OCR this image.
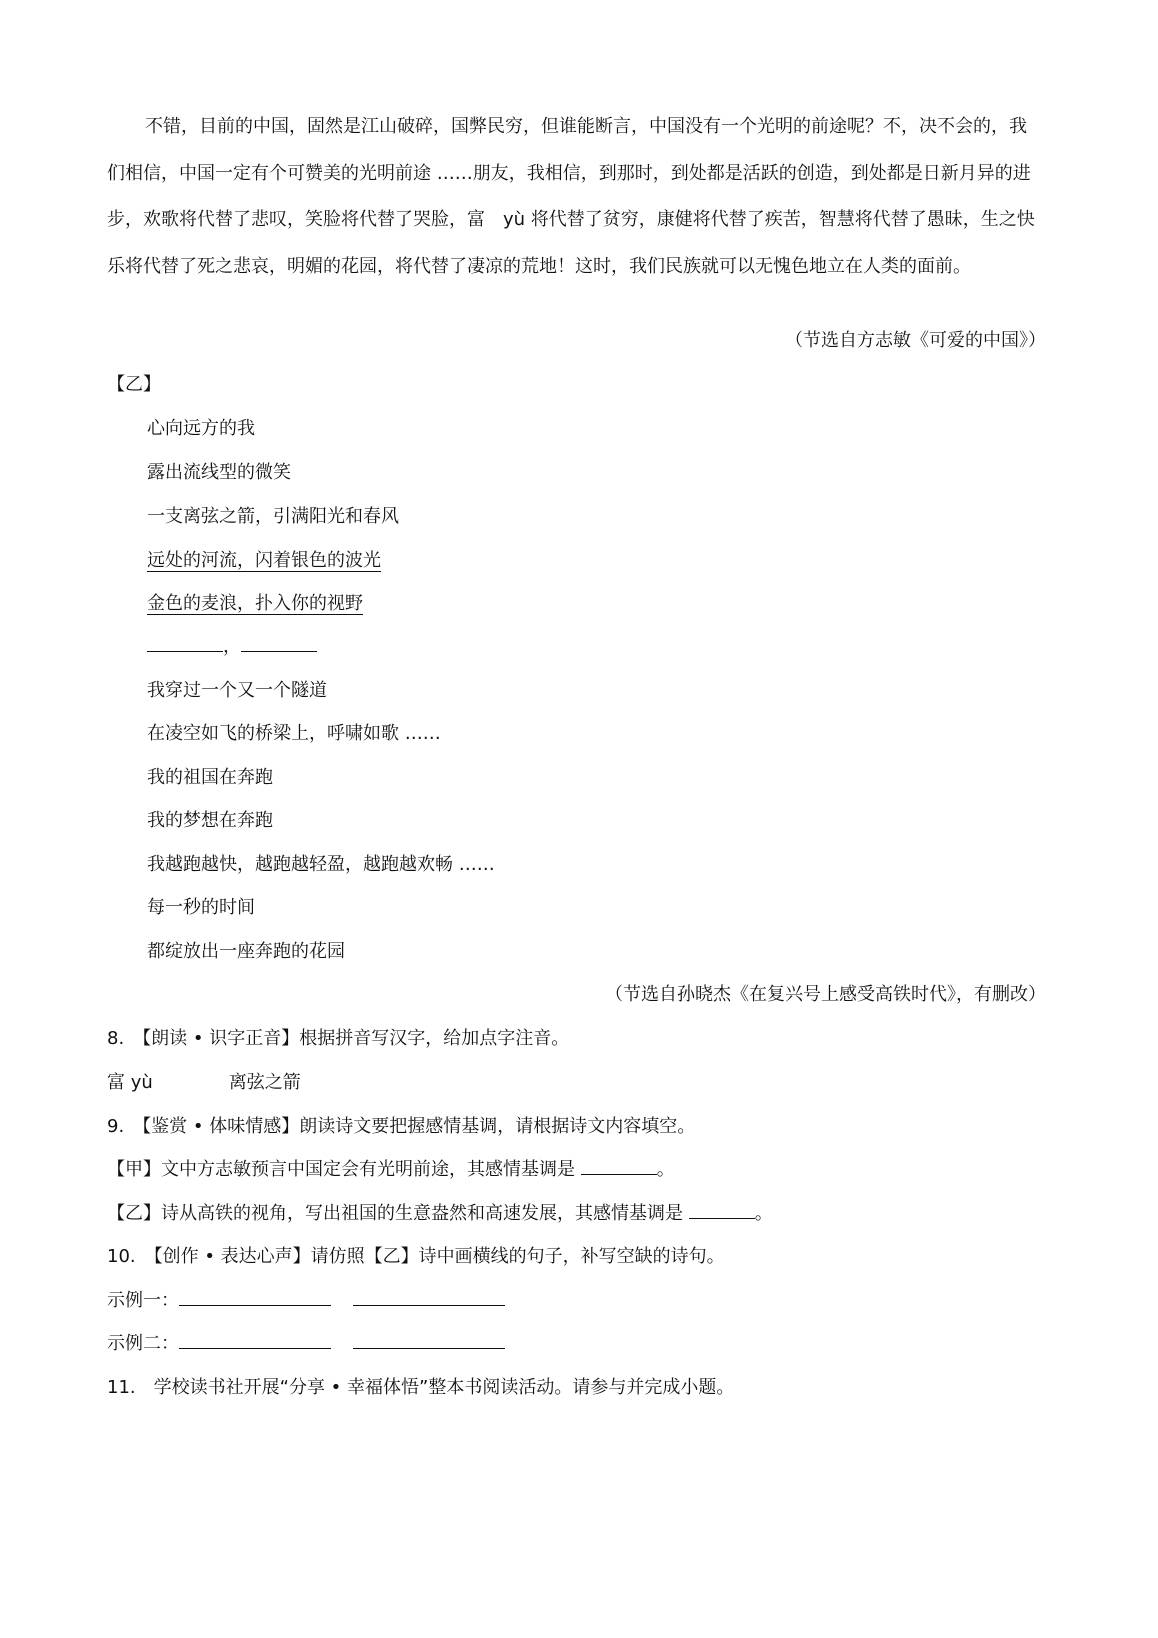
不错，目前的中国，固然是江山破碎，国弊民穷，但谁能断言，中国没有一个光明的前途呢？不，决不会的，我们相信，中国一定有个可赞美的光明前途 ……朋友，我相信，到那时，到处都是活跃的创造，到处都是日新月异的进步，欢歌将代替了悲叹，笑脸将代替了哭脸，富　yù 将代替了贫穷，康健将代替了疾苦，智慧将代替了愚昧，生之快乐将代替了死之悲哀，明媚的花园，将代替了凄凉的荒地！这时，我们民族就可以无愧色地立在人类的面前。

（节选自方志敏《可爱的中国》）
【乙】
心向远方的我
露出流线型的微笑
一支离弦之箭，引满阳光和春风
远处的河流，闪着银色的波光
金色的麦浪，扑入你的视野
，
我穿过一个又一个隧道
在凌空如飞的桥梁上，呼啸如歌 ……
我的祖国在奔跑
我的梦想在奔跑
我越跑越快，越跑越轻盈，越跑越欢畅 ……
每一秒的时间
都绽放出一座奔跑的花园
（节选自孙晓杰《在复兴号上感受高铁时代》，有删改）
8.　【朗读 • 识字正音】根据拼音写汉字，给加点字注音。
富 yù	离弦之箭
9.　【鉴赏 • 体味情感】朗读诗文要把握感情基调，请根据诗文内容填空。
【甲】文中方志敏预言中国定会有光明前途，其感情基调是	。
【乙】诗从高铁的视角，写出祖国的生意盎然和高速发展，其感情基调是	。
10.　【创作 • 表达心声】请仿照【乙】诗中画横线的句子，补写空缺的诗句。
示例一：
示例二：
11.　学校读书社开展“分享 • 幸福体悟”整本书阅读活动。请参与并完成小题。
